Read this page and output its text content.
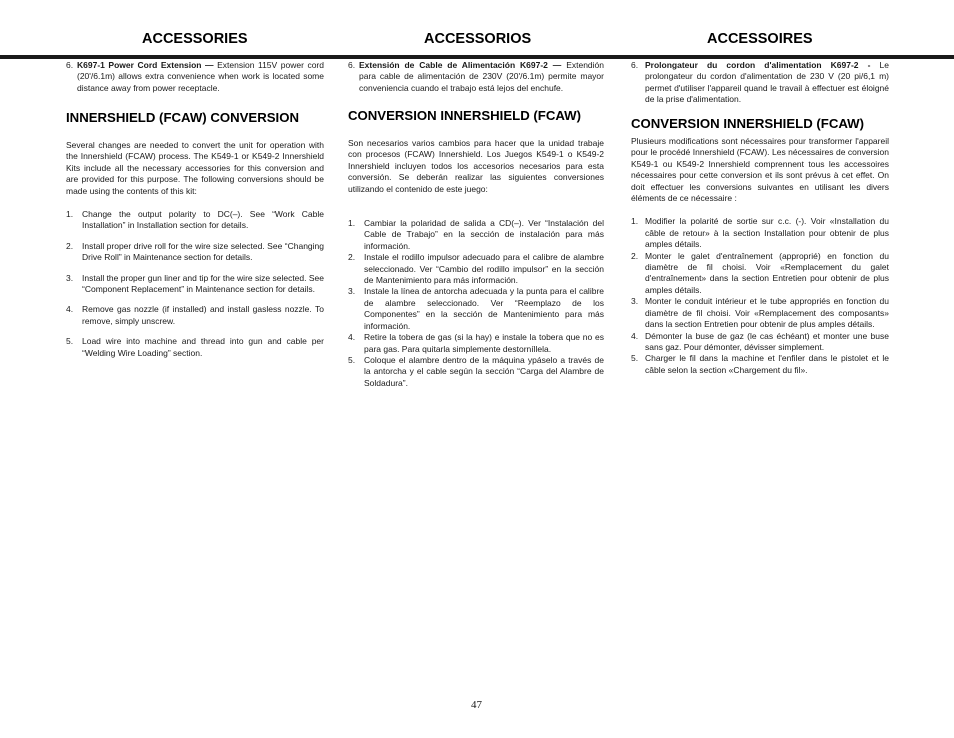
ACCESSORIES	ACCESSORIOS	ACCESSOIRES
6. K697-1 Power Cord Extension — Extension 115V power cord (20'/6.1m) allows extra convenience when work is located some distance away from power receptacle.
INNERSHIELD (FCAW) CONVERSION

Several changes are needed to convert the unit for operation with the Innershield (FCAW) process. The K549-1 or K549-2 Innershield Kits include all the necessary accessories for this conversion and are provided for this purpose. The following conversions should be made using the contents of this kit:

1.	Change the output polarity to DC(–). See “Work Cable Installation” in Installation section for details.
2.	Install proper drive roll for the wire size selected. See “Changing Drive Roll” in Maintenance section for details.
3.	Install the proper gun liner and tip for the wire size selected. See “Component Replacement” in Maintenance section for details.
4.	Remove gas nozzle (if installed) and install gasless nozzle. To remove, simply unscrew.
5.	Load wire into machine and thread into gun and cable per “Welding Wire Loading” section.
6. Extensión de Cable de Alimentación K697-2 — Extendión para cable de alimentación de 230V (20'/6.1m) permite mayor conveniencia cuando el trabajo está lejos del enchufe.
CONVERSION INNERSHIELD (FCAW)

Son necesarios varios cambios para hacer que la unidad trabaje con procesos (FCAW) Innershield. Los Juegos K549-1 o K549-2 Innershield incluyen todos los accesorios necesarios para esta conversión. Se deberán realizar las siguientes conversiones utilizando el contenido de este juego:

1.	Cambiar la polaridad de salida a CD(–). Ver “Instalación del Cable de Trabajo” en la sección de instalación para más información.
2.	Instale el rodillo impulsor adecuado para el calibre de alambre seleccionado. Ver “Cambio del rodillo impulsor” en la sección de Mantenimiento para más información.
3.	Instale la línea de antorcha adecuada y la punta para el calibre de alambre seleccionado. Ver “Reemplazo de los Componentes” en la sección de Mantenimiento para más información.
4.	Retire la tobera de gas (si la hay) e instale la tobera que no es para gas. Para quitarla simplemente destorníllela.
5.	Coloque el alambre dentro de la máquina ypáselo a través de la antorcha y el cable según la sección “Carga del Alambre de Soldadura”.
6. Prolongateur du cordon d'alimentation K697-2 - Le prolongateur du cordon d'alimentation de 230 V (20 pi/6,1 m) permet d'utiliser l'appareil quand le travail à effectuer est éloigné de la prise d'alimentation.
CONVERSION INNERSHIELD (FCAW)

Plusieurs modifications sont nécessaires pour transformer l'appareil pour le procédé Innershield (FCAW). Les nécessaires de conversion K549-1 ou K549-2 Innershield comprennent tous les accessoires nécessaires pour cette conversion et ils sont prévus à cet effet. On doit effectuer les conversions suivantes en utilisant les divers éléments de ce nécessaire :

1. Modifier la polarité de sortie sur c.c. (-). Voir «Installation du câble de retour» à la section Installation pour obtenir de plus amples détails.
2. Monter le galet d'entraînement (approprié) en fonction du diamètre de fil choisi. Voir «Remplacement du galet d'entraînement» dans la section Entretien pour obtenir de plus amples détails.
3. Monter le conduit intérieur et le tube appropriés en fonction du diamètre de fil choisi. Voir «Remplacement des composants» dans la section Entretien pour obtenir de plus amples détails.
4. Démonter la buse de gaz (le cas échéant) et monter une buse sans gaz. Pour démonter, dévisser simplement.
5. Charger le fil dans la machine et l'enfiler dans le pistolet et le câble selon la section «Chargement du fil».
47
